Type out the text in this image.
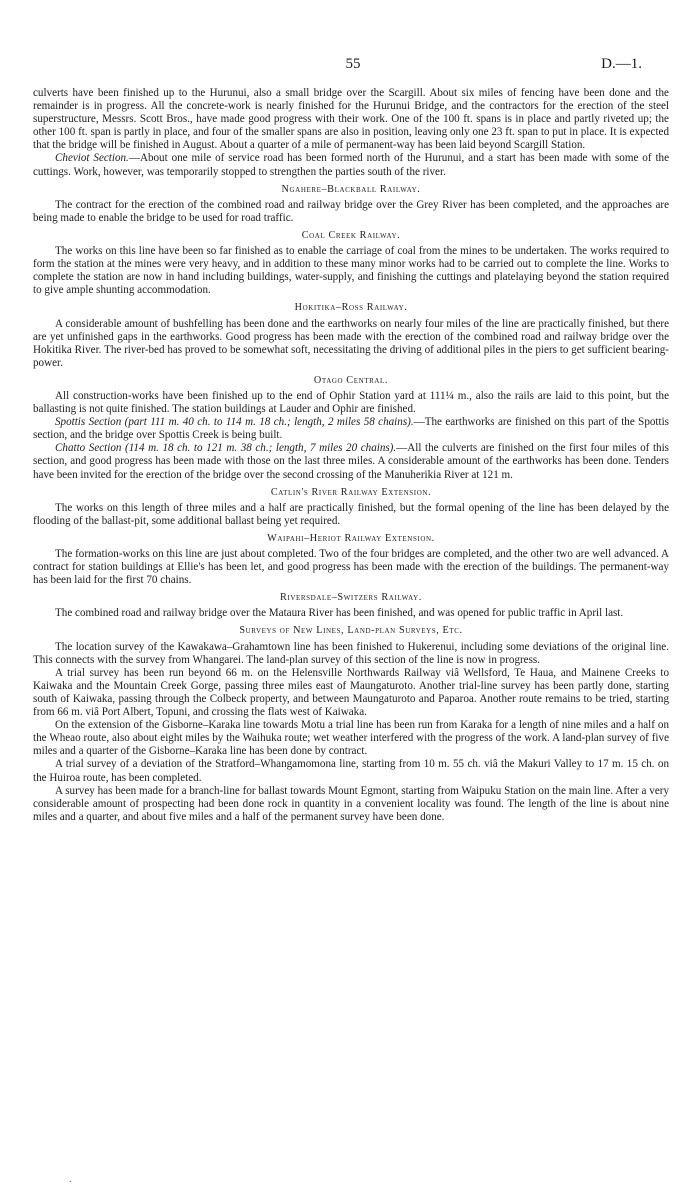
55	D.—1.

culverts have been finished up to the Hurunui, also a small bridge over the Scargill. About six miles of fencing have been done and the remainder is in progress. All the concrete-work is nearly finished for the Hurunui Bridge, and the contractors for the erection of the steel superstructure, Messrs. Scott Bros., have made good progress with their work. One of the 100 ft. spans is in place and partly riveted up; the other 100 ft. span is partly in place, and four of the smaller spans are also in position, leaving only one 23 ft. span to put in place. It is expected that the bridge will be finished in August. About a quarter of a mile of permanent-way has been laid beyond Scargill Station.

Cheviot Section.—About one mile of service road has been formed north of the Hurunui, and a start has been made with some of the cuttings. Work, however, was temporarily stopped to strengthen the parties south of the river.

Ngahere–Blackball Railway.

The contract for the erection of the combined road and railway bridge over the Grey River has been completed, and the approaches are being made to enable the bridge to be used for road traffic.

Coal Creek Railway.

The works on this line have been so far finished as to enable the carriage of coal from the mines to be undertaken. The works required to form the station at the mines were very heavy, and in addition to these many minor works had to be carried out to complete the line. Works to complete the station are now in hand including buildings, water-supply, and finishing the cuttings and platelaying beyond the station required to give ample shunting accommodation.

Hokitika–Ross Railway.

A considerable amount of bushfelling has been done and the earthworks on nearly four miles of the line are practically finished, but there are yet unfinished gaps in the earthworks. Good progress has been made with the erection of the combined road and railway bridge over the Hokitika River. The river-bed has proved to be somewhat soft, necessitating the driving of additional piles in the piers to get sufficient bearing-power.

Otago Central.

All construction-works have been finished up to the end of Ophir Station yard at 111¼ m., also the rails are laid to this point, but the ballasting is not quite finished. The station buildings at Lauder and Ophir are finished.

Spottis Section (part 111 m. 40 ch. to 114 m. 18 ch.; length, 2 miles 58 chains).—The earthworks are finished on this part of the Spottis section, and the bridge over Spottis Creek is being built.

Chatto Section (114 m. 18 ch. to 121 m. 38 ch.; length, 7 miles 20 chains).—All the culverts are finished on the first four miles of this section, and good progress has been made with those on the last three miles. A considerable amount of the earthworks has been done. Tenders have been invited for the erection of the bridge over the second crossing of the Manuherikia River at 121 m.

Catlin's River Railway Extension.

The works on this length of three miles and a half are practically finished, but the formal opening of the line has been delayed by the flooding of the ballast-pit, some additional ballast being yet required.

Waipahi–Heriot Railway Extension.

The formation-works on this line are just about completed. Two of the four bridges are completed, and the other two are well advanced. A contract for station buildings at Ellie's has been let, and good progress has been made with the erection of the buildings. The permanent-way has been laid for the first 70 chains.

Riversdale–Switzers Railway.

The combined road and railway bridge over the Mataura River has been finished, and was opened for public traffic in April last.

Surveys of New Lines, Land-plan Surveys, Etc.

The location survey of the Kawakawa–Grahamtown line has been finished to Hukerenui, including some deviations of the original line. This connects with the survey from Whangarei. The land-plan survey of this section of the line is now in progress.

A trial survey has been run beyond 66 m. on the Helensville Northwards Railway viâ Wellsford, Te Haua, and Mainene Creeks to Kaiwaka and the Mountain Creek Gorge, passing three miles east of Maungaturoto. Another trial-line survey has been partly done, starting south of Kaiwaka, passing through the Colbeck property, and between Maungaturoto and Paparoa. Another route remains to be tried, starting from 66 m. viâ Port Albert, Topuni, and crossing the flats west of Kaiwaka.

On the extension of the Gisborne–Karaka line towards Motu a trial line has been run from Karaka for a length of nine miles and a half on the Wheao route, also about eight miles by the Waihuka route; wet weather interfered with the progress of the work. A land-plan survey of five miles and a quarter of the Gisborne–Karaka line has been done by contract.

A trial survey of a deviation of the Stratford–Whangamomona line, starting from 10 m. 55 ch. viâ the Makuri Valley to 17 m. 15 ch. on the Huiroa route, has been completed.

A survey has been made for a branch-line for ballast towards Mount Egmont, starting from Waipuku Station on the main line. After a very considerable amount of prospecting had been done rock in quantity in a convenient locality was found. The length of the line is about nine miles and a quarter, and about five miles and a half of the permanent survey have been done.

.
